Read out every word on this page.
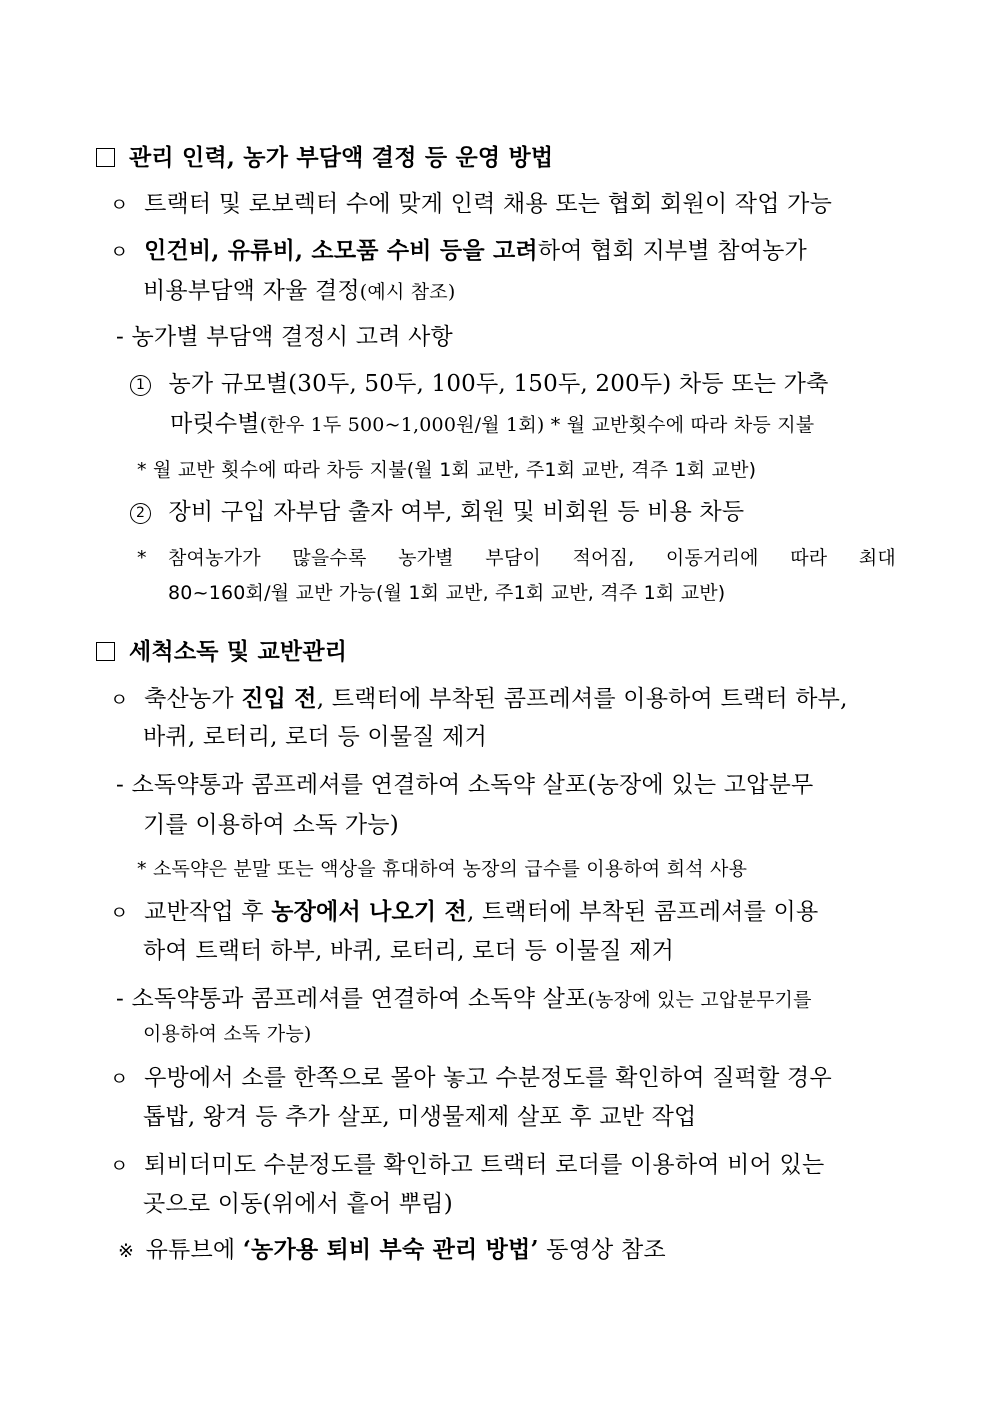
관리 인력, 농가 부담액 결정 등 운영 방법
ㅇ 트랙터 및 로보렉터 수에 맞게 인력 채용 또는 협회 회원이 작업 가능
ㅇ 인건비, 유류비, 소모품 수비 등을 고려하여 협회 지부별 참여농가
비용부담액 자율 결정(예시 참조)
- 농가별 부담액 결정시 고려 사항
1 농가 규모별(30두, 50두, 100두, 150두, 200두) 차등 또는 가축
마릿수별(한우 1두 500~1,000원/월 1회) * 월 교반횟수에 따라 차등 지불
* 월 교반 횟수에 따라 차등 지불(월 1회 교반, 주1회 교반, 격주 1회 교반)
2 장비 구입 자부담 출자 여부, 회원 및 비회원 등 비용 차등
* 참여농가가 많을수록 농가별 부담이 적어짐, 이동거리에 따라 최대
80~160회/월 교반 가능(월 1회 교반, 주1회 교반, 격주 1회 교반)
세척소독 및 교반관리
ㅇ 축산농가 진입 전, 트랙터에 부착된 콤프레셔를 이용하여 트랙터 하부,
바퀴, 로터리, 로더 등 이물질 제거
- 소독약통과 콤프레셔를 연결하여 소독약 살포(농장에 있는 고압분무
기를 이용하여 소독 가능)
* 소독약은 분말 또는 액상을 휴대하여 농장의 급수를 이용하여 희석 사용
ㅇ 교반작업 후 농장에서 나오기 전, 트랙터에 부착된 콤프레셔를 이용
하여 트랙터 하부, 바퀴, 로터리, 로더 등 이물질 제거
- 소독약통과 콤프레셔를 연결하여 소독약 살포(농장에 있는 고압분무기를
이용하여 소독 가능)
ㅇ 우방에서 소를 한쪽으로 몰아 놓고 수분정도를 확인하여 질퍽할 경우
톱밥, 왕겨 등 추가 살포, 미생물제제 살포 후 교반 작업
ㅇ 퇴비더미도 수분정도를 확인하고 트랙터 로더를 이용하여 비어 있는
곳으로 이동(위에서 흩어 뿌림)
※ 유튜브에 ‘농가용 퇴비 부숙 관리 방법’ 동영상 참조
